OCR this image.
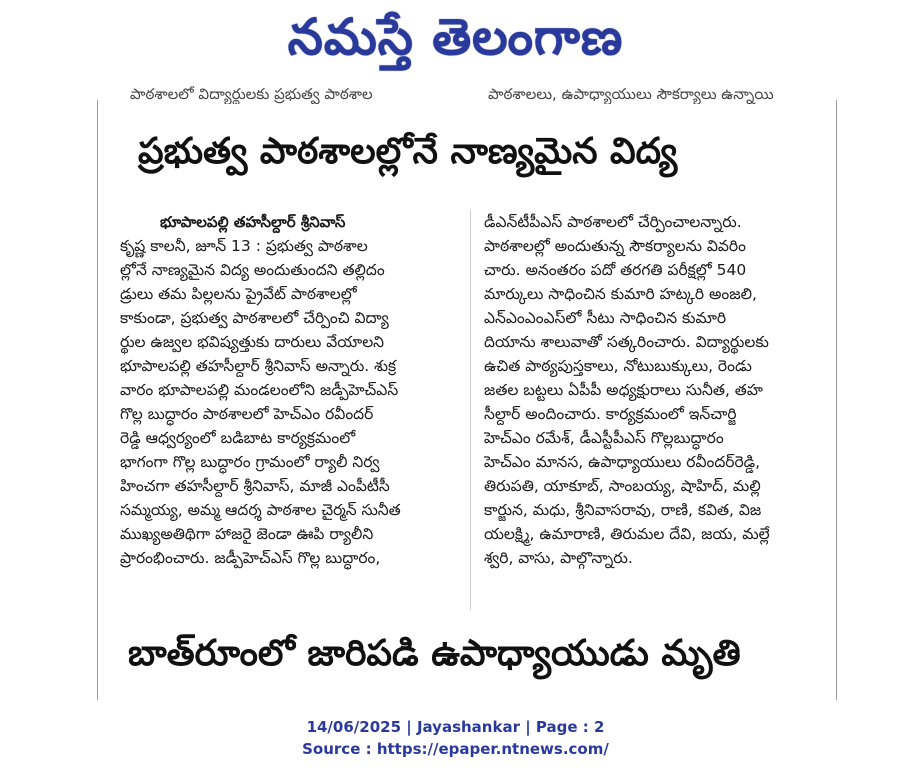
నమస్తే తెలంగాణ
పాఠశాలలో విద్యార్థులకు ప్రభుత్వ పాఠశాల	పాఠశాలలు, ఉపాధ్యాయులు సౌకర్యాలు ఉన్నాయి

ప్రభుత్వ పాఠశాలల్లోనే నాణ్యమైన విద్య

భూపాలపల్లి తహసీల్దార్ శ్రీనివాస్

కృష్ణ కాలనీ, జూన్ 13 : ప్రభుత్వ పాఠశాల

ల్లోనే నాణ్యమైన విద్య అందుతుందని తల్లిదం

డ్రులు తమ పిల్లలను ప్రైవేట్ పాఠశాలల్లో

కాకుండా, ప్రభుత్వ పాఠశాలలో చేర్పించి విద్యా

ర్థుల ఉజ్వల భవిష్యత్తుకు దారులు వేయాలని

భూపాలపల్లి తహసీల్దార్ శ్రీనివాస్ అన్నారు. శుక్ర

వారం భూపాలపల్లి మండలంలోని జడ్పీహెచ్ఎస్

గొల్ల బుద్ధారం పాఠశాలలో హెచ్ఎం రవీందర్

రెడ్డి ఆధ్వర్యంలో బడిబాట కార్యక్రమంలో

భాగంగా గొల్ల బుద్ధారం గ్రామంలో ర్యాలీ నిర్వ

హించగా తహసీల్దార్ శ్రీనివాస్, మాజీ ఎంపీటీసీ

సమ్మయ్య, అమ్మ ఆదర్శ పాఠశాల చైర్మన్ సునీత

ముఖ్యఅతిథిగా హాజరై జెండా ఊపి ర్యాలీని

ప్రారంభించారు. జడ్పీహెచ్ఎస్ గొల్ల బుద్ధారం,

డీఎన్‌టీపీఎస్ పాఠశాలలో చేర్పించాలన్నారు.

పాఠశాలల్లో అందుతున్న సౌకర్యాలను వివరిం

చారు. అనంతరం పదో తరగతి పరీక్షల్లో 540

మార్కులు సాధించిన కుమారి హట్కరి అంజలి,

ఎన్ఎంఎంఎస్‌లో సీటు సాధించిన కుమారి

దియాను శాలువాతో సత్కరించారు. విద్యార్థులకు

ఉచిత పాఠ్యపుస్తకాలు, నోటుబుక్కులు, రెండు

జతల బట్టలు ఏపీపీ అధ్యక్షురాలు సునీత, తహ

సీల్దార్ అందించారు. కార్యక్రమంలో ఇన్‌చార్జి

హెచ్ఎం రమేశ్, డీఎస్టీపీఎస్ గొల్లబుద్ధారం

హెచ్ఎం మానస, ఉపాధ్యాయులు రవీందర్‌రెడ్డి,

తిరుపతి, యాకూబ్, సాంబయ్య, షాహిద్, మల్లి

కార్జున, మధు, శ్రీనివాసరావు, రాణి, కవిత, విజ

యలక్ష్మి, ఉమారాణి, తిరుమల దేవి, జయ, మల్లే

శ్వరి, వాసు, పాల్గొన్నారు.

బాత్‌రూంలో జారిపడి ఉపాధ్యాయుడు మృతి

14/06/2025 | Jayashankar | Page : 2
Source : https://epaper.ntnews.com/
